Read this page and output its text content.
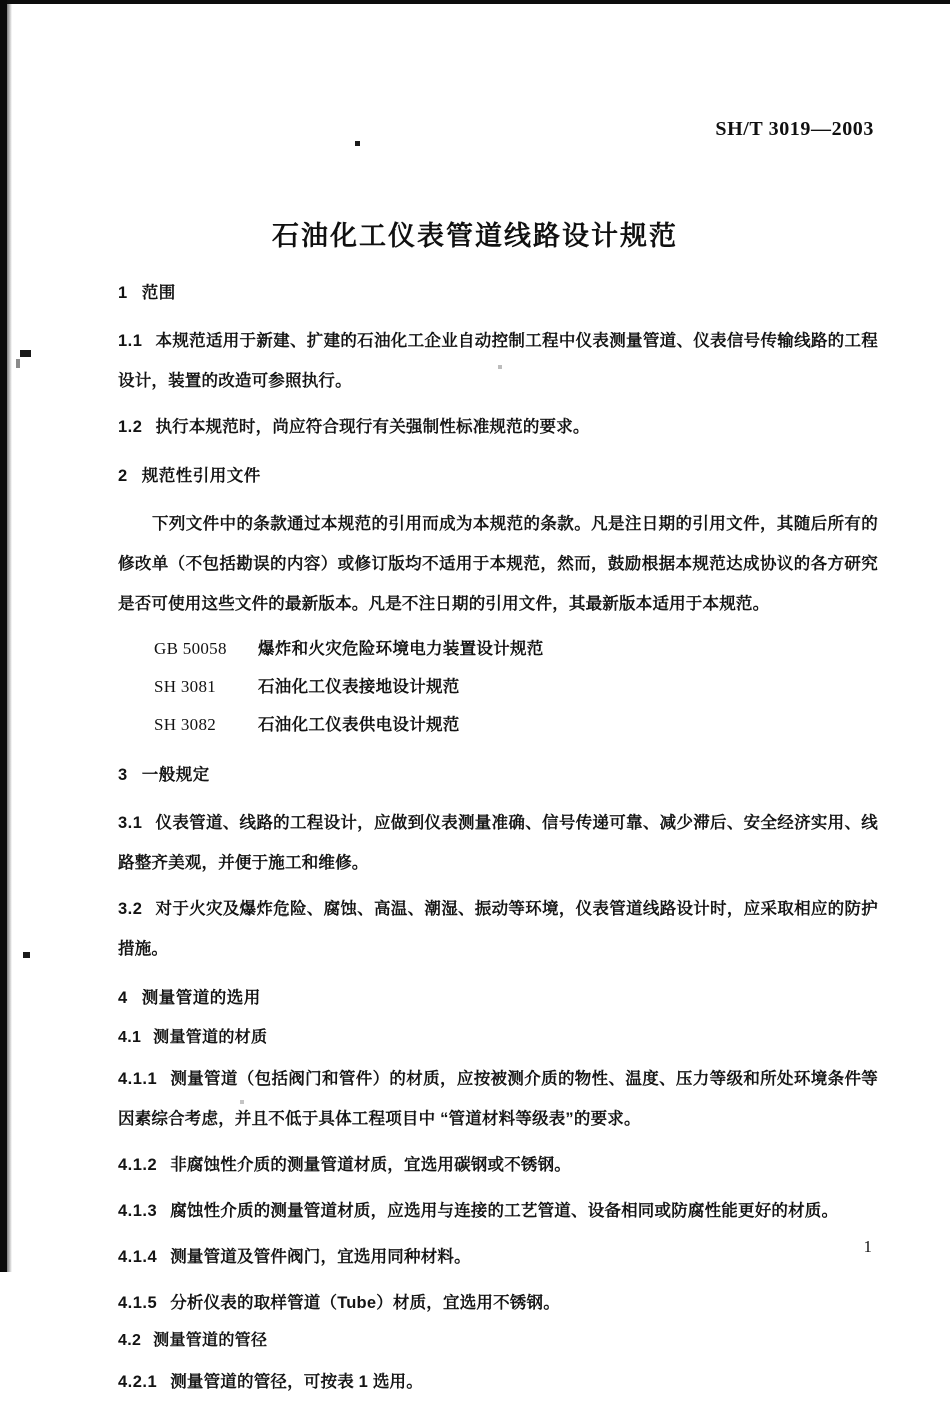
SH/T 3019—2003
石油化工仪表管道线路设计规范
1 范围

1.1 本规范适用于新建、扩建的石油化工企业自动控制工程中仪表测量管道、仪表信号传输线路的工程设计，装置的改造可参照执行。

1.2 执行本规范时，尚应符合现行有关强制性标准规范的要求。

2 规范性引用文件

下列文件中的条款通过本规范的引用而成为本规范的条款。凡是注日期的引用文件，其随后所有的修改单（不包括勘误的内容）或修订版均不适用于本规范，然而，鼓励根据本规范达成协议的各方研究是否可使用这些文件的最新版本。凡是不注日期的引用文件，其最新版本适用于本规范。

GB 50058 爆炸和火灾危险环境电力装置设计规范
SH 3081	石油化工仪表接地设计规范
SH 3082	石油化工仪表供电设计规范
3 一般规定

3.1 仪表管道、线路的工程设计，应做到仪表测量准确、信号传递可靠、减少滞后、安全经济实用、线路整齐美观，并便于施工和维修。

3.2 对于火灾及爆炸危险、腐蚀、高温、潮湿、振动等环境，仪表管道线路设计时，应采取相应的防护措施。

4 测量管道的选用
4.1 测量管道的材质

4.1.1 测量管道（包括阀门和管件）的材质，应按被测介质的物性、温度、压力等级和所处环境条件等因素综合考虑，并且不低于具体工程项目中 “管道材料等级表”的要求。

4.1.2 非腐蚀性介质的测量管道材质，宜选用碳钢或不锈钢。

4.1.3 腐蚀性介质的测量管道材质，应选用与连接的工艺管道、设备相同或防腐性能更好的材质。

4.1.4 测量管道及管件阀门，宜选用同种材料。

4.1.5 分析仪表的取样管道（Tube）材质，宜选用不锈钢。

4.2 测量管道的管径

4.2.1 测量管道的管径，可按表 1 选用。

1
